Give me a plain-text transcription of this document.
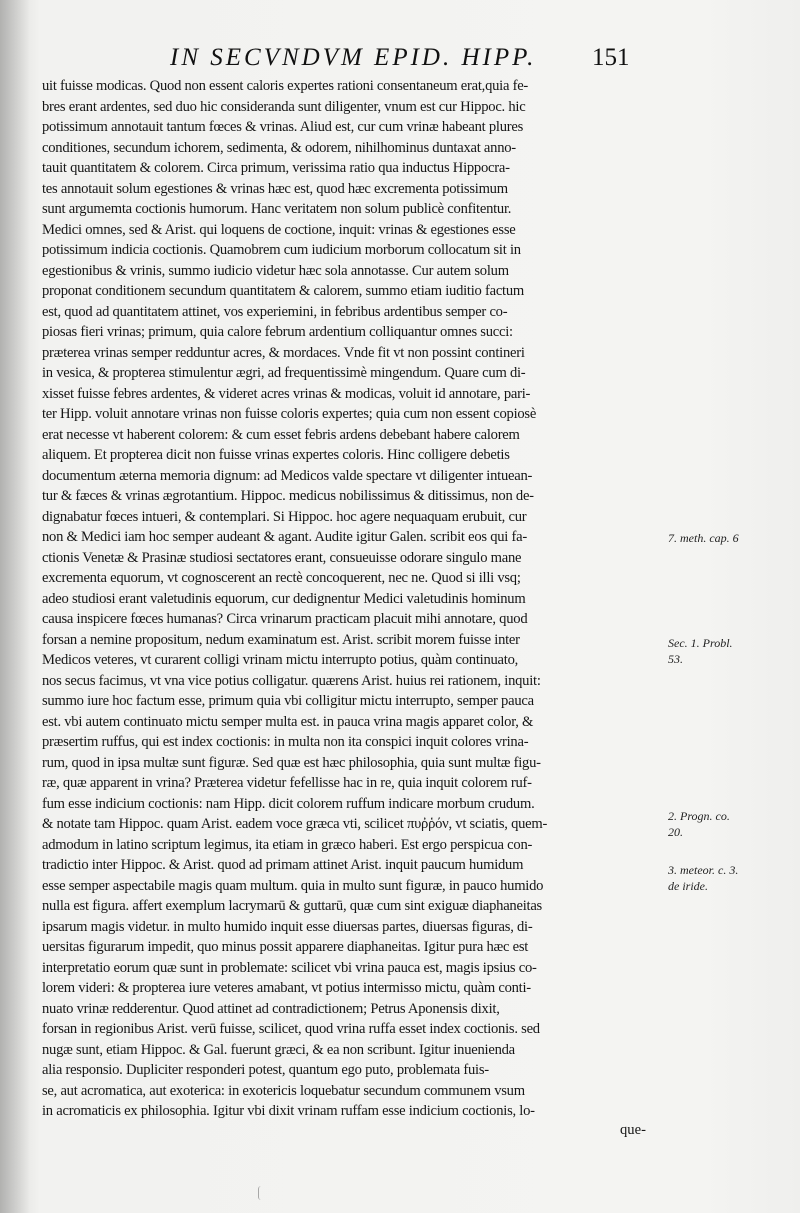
IN SECVNDVM EPID. HIPP.	151
uit fuisse modicas. Quod non essent caloris expertes rationi consentaneum erat,quia fe-
bres erant ardentes, sed duo hic consideranda sunt diligenter, vnum est cur Hippoc. hic
potissimum annotauit tantum fœces & vrinas. Aliud est, cur cum vrinæ habeant plures
conditiones, secundum ichorem, sedimenta, & odorem, nihilhominus duntaxat anno-
tauit quantitatem & colorem. Circa primum, verissima ratio qua inductus Hippocra-
tes annotauit solum egestiones & vrinas hæc est, quod hæc excrementa potissimum
sunt argumemta coctionis humorum. Hanc veritatem non solum publicè confitentur.
Medici omnes, sed & Arist. qui loquens de coctione, inquit: vrinas & egestiones esse
potissimum indicia coctionis. Quamobrem cum iudicium morborum collocatum sit in
egestionibus & vrinis, summo iudicio videtur hæc sola annotasse. Cur autem solum
proponat conditionem secundum quantitatem & calorem, summo etiam iuditio factum
est, quod ad quantitatem attinet, vos experiemini, in febribus ardentibus semper co-
piosas fieri vrinas; primum, quia calore februm ardentium colliquantur omnes succi:
præterea vrinas semper redduntur acres, & mordaces. Vnde fit vt non possint contineri
in vesica, & propterea stimulentur ægri, ad frequentissimè mingendum. Quare cum di-
xisset fuisse febres ardentes, & videret acres vrinas & modicas, voluit id annotare, pari-
ter Hipp. voluit annotare vrinas non fuisse coloris expertes; quia cum non essent copiosè
erat necesse vt haberent colorem: & cum esset febris ardens debebant habere calorem
aliquem. Et propterea dicit non fuisse vrinas expertes coloris. Hinc colligere debetis
documentum æterna memoria dignum: ad Medicos valde spectare vt diligenter intuean-
tur & fæces & vrinas ægrotantium. Hippoc. medicus nobilissimus & ditissimus, non de-
dignabatur fœces intueri, & contemplari. Si Hippoc. hoc agere nequaquam erubuit, cur
non & Medici iam hoc semper audeant & agant. Audite igitur Galen. scribit eos qui fa-
ctionis Venetæ & Prasinæ studiosi sectatores erant, consueuisse odorare singulo mane
excrementa equorum, vt cognoscerent an rectè concoquerent, nec ne. Quod si illi vsq;
adeo studiosi erant valetudinis equorum, cur dedignentur Medici valetudinis hominum
causa inspicere fœces humanas? Circa vrinarum practicam placuit mihi annotare, quod
forsan a nemine propositum, nedum examinatum est. Arist. scribit morem fuisse inter
Medicos veteres, vt curarent colligi vrinam mictu interrupto potius, quàm continuato,
nos secus facimus, vt vna vice potius colligatur. quærens Arist. huius rei rationem, inquit:
summo iure hoc factum esse, primum quia vbi colligitur mictu interrupto, semper pauca
est. vbi autem continuato mictu semper multa est. in pauca vrina magis apparet color, &
præsertim ruffus, qui est index coctionis: in multa non ita conspici inquit colores vrina-
rum, quod in ipsa multæ sunt figuræ. Sed quæ est hæc philosophia, quia sunt multæ figu-
ræ, quæ apparent in vrina? Præterea videtur fefellisse hac in re, quia inquit colorem ruf-
fum esse indicium coctionis: nam Hipp. dicit colorem ruffum indicare morbum crudum.
& notate tam Hippoc. quam Arist. eadem voce græca vti, scilicet πυῤῥόν, vt sciatis, quem-
admodum in latino scriptum legimus, ita etiam in græco haberi. Est ergo perspicua con-
tradictio inter Hippoc. & Arist. quod ad primam attinet Arist. inquit paucum humidum
esse semper aspectabile magis quam multum. quia in multo sunt figuræ, in pauco humido
nulla est figura. affert exemplum lacrymarū & guttarū, quæ cum sint exiguæ diaphaneitas
ipsarum magis videtur. in multo humido inquit esse diuersas partes, diuersas figuras, di-
uersitas figurarum impedit, quo minus possit apparere diaphaneitas. Igitur pura hæc est
interpretatio eorum quæ sunt in problemate: scilicet vbi vrina pauca est, magis ipsius co-
lorem videri: & propterea iure veteres amabant, vt potius intermisso mictu, quàm conti-
nuato vrinæ redderentur. Quod attinet ad contradictionem; Petrus Aponensis dixit,
forsan in regionibus Arist. verū fuisse, scilicet, quod vrina ruffa esset index coctionis. sed
nugæ sunt, etiam Hippoc. & Gal. fuerunt græci, & ea non scribunt. Igitur inuenienda
alia responsio. Dupliciter responderi potest, quantum ego puto, problemata fuis-
se, aut acromatica, aut exoterica: in exotericis loquebatur secundum communem vsum
in acromaticis ex philosophia. Igitur vbi dixit vrinam ruffam esse indicium coctionis, lo-
7. meth. cap. 6
Sec. 1. Probl.
53.
2. Progn. co.
20.
3. meteor. c. 3.
de iride.
que-
